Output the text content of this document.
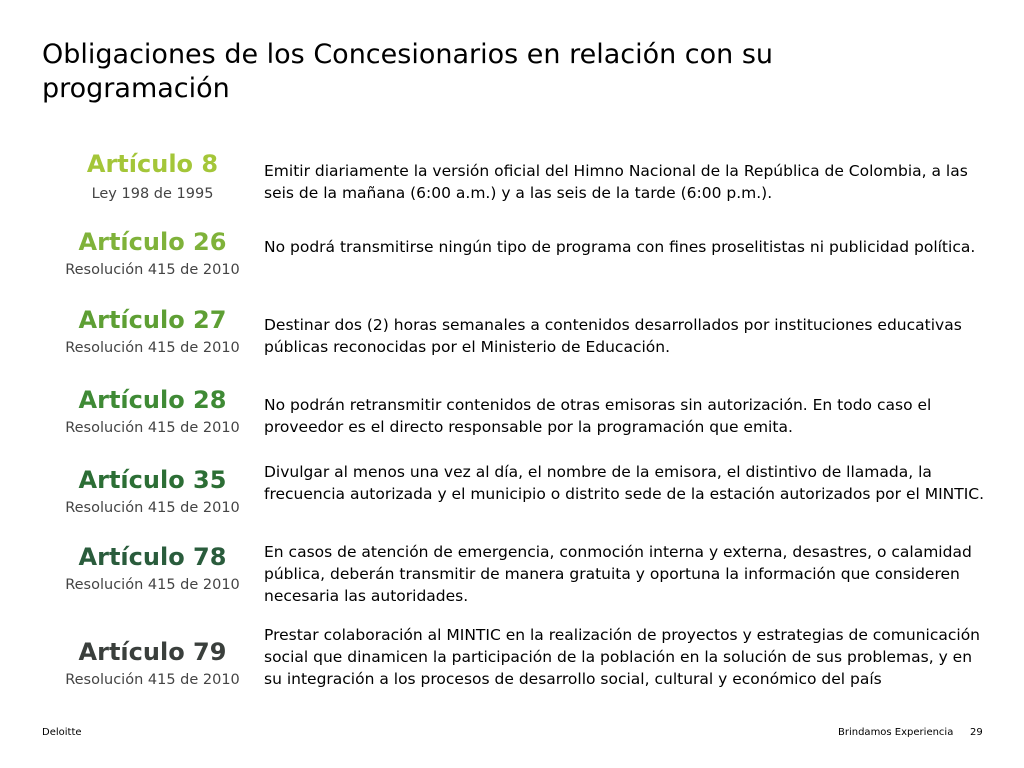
Obligaciones de los Concesionarios en relación con su programación
Artículo 8
Ley 198 de 1995
Emitir diariamente la versión oficial del Himno Nacional de la República de Colombia, a las seis de la mañana (6:00 a.m.) y a las seis de la tarde (6:00 p.m.).
Artículo 26
Resolución 415 de 2010
No podrá transmitirse ningún tipo de programa con fines proselitistas ni publicidad política.
Artículo 27
Resolución 415 de 2010
Destinar dos (2) horas semanales a contenidos desarrollados por instituciones educativas públicas reconocidas por el Ministerio de Educación.
Artículo 28
Resolución 415 de 2010
No podrán retransmitir contenidos de otras emisoras sin autorización. En todo caso el proveedor es el directo responsable por la programación que emita.
Artículo 35
Resolución 415 de 2010
Divulgar al menos una vez al día, el nombre de la emisora, el distintivo de llamada, la frecuencia autorizada y el municipio o distrito sede de la estación autorizados por el MINTIC.
Artículo 78
Resolución 415 de 2010
En casos de atención de emergencia, conmoción interna y externa, desastres, o calamidad pública, deberán transmitir de manera gratuita y oportuna la información que consideren necesaria las autoridades.
Artículo 79
Resolución 415 de 2010
Prestar colaboración al MINTIC en la realización de proyectos y estrategias de comunicación social que dinamicen la participación de la población en la solución de sus problemas, y en su integración a los procesos de desarrollo social, cultural y económico del país
Deloitte	Brindamos Experiencia 29
